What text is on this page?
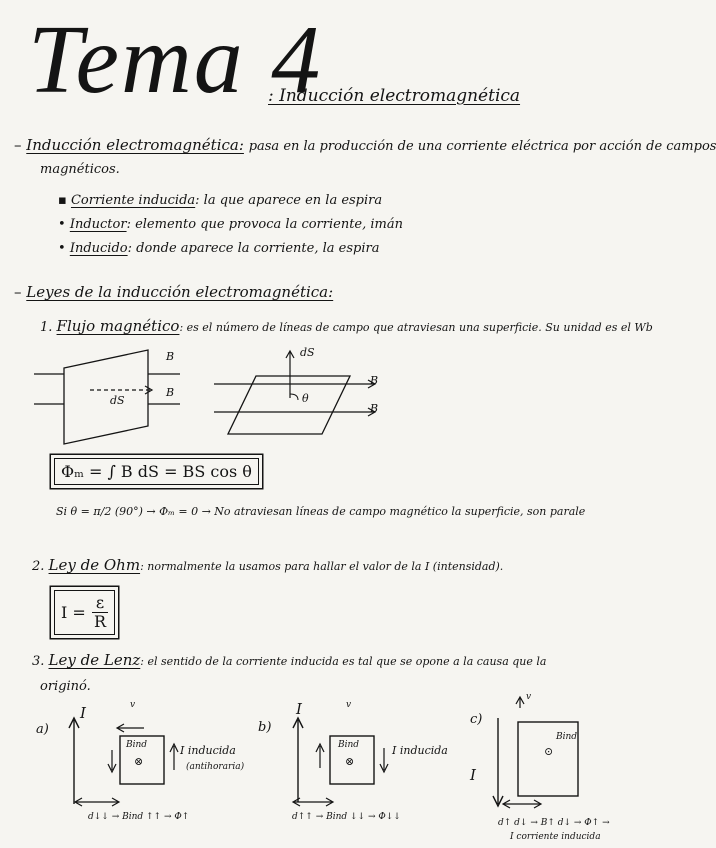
Tema 4
: Inducción electromagnética
– Inducción electromagnética: pasa en la producción de una corriente eléctrica por acción de campos
magnéticos.
▪ Corriente inducida: la que aparece en la espira
• Inductor: elemento que provoca la corriente, imán
• Inducido: donde aparece la corriente, la espira
– Leyes de la inducción electromagnética:
1. Flujo magnético: es el número de líneas de campo que atraviesan una superficie. Su unidad es el Wb
B
B
dS
dS
θ
B
B
Φₘ = ∫ B dS = BS cos θ
Si θ = π/2 (90°) → Φₘ = 0 → No atraviesan líneas de campo magnético la superficie, son parale
2. Ley de Ohm: normalmente la usamos para hallar el valor de la I (intensidad).
$I = \frac{\varepsilon}{R}$
3. Ley de Lenz: el sentido de la corriente inducida es tal que se opone a la causa que la
originó.
a)
I	v
Bind
⊗
I inducida
(antihoraria)
d↓↓ → Bind ↑↑ → Φ↑
b)
I	v
Bind
⊗
I inducida
d↑↑ → Bind ↓↓ → Φ↓↓
c)
I
v
Bind
⊙
d↑ d↓ → B↑ d↓ → Φ↑ →
I corriente inducida
